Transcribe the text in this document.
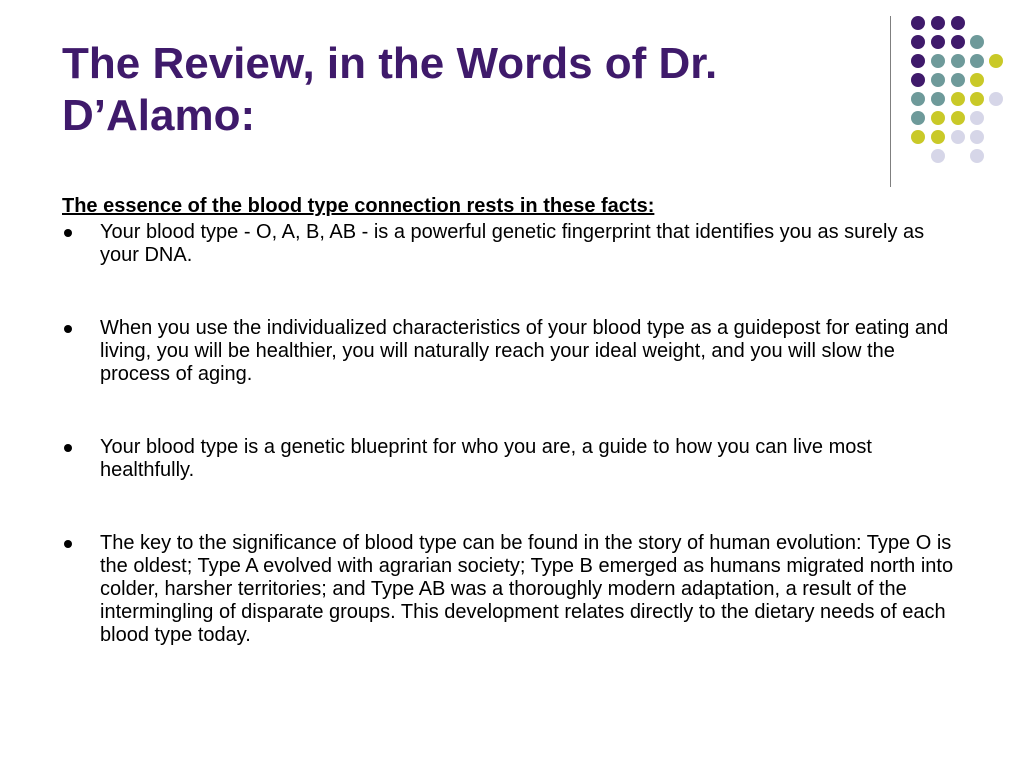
The Review, in the Words of Dr.
D’Alamo:

The essence of the blood type connection rests in these facts:

Your blood type - O, A, B, AB - is a powerful genetic fingerprint that identifies you as surely as your DNA.
When you use the individualized characteristics of your blood type as a guidepost for eating and living, you will be healthier, you will naturally reach your ideal weight, and you will slow the process of aging.
Your blood type is a genetic blueprint for who you are, a guide to how you can live most healthfully.
The key to the significance of blood type can be found in the story of human evolution: Type O is the oldest; Type A evolved with agrarian society; Type B emerged as humans migrated north into colder, harsher territories; and Type AB was a thoroughly modern adaptation, a result of the intermingling of disparate groups. This development relates directly to the dietary needs of each blood type today.
